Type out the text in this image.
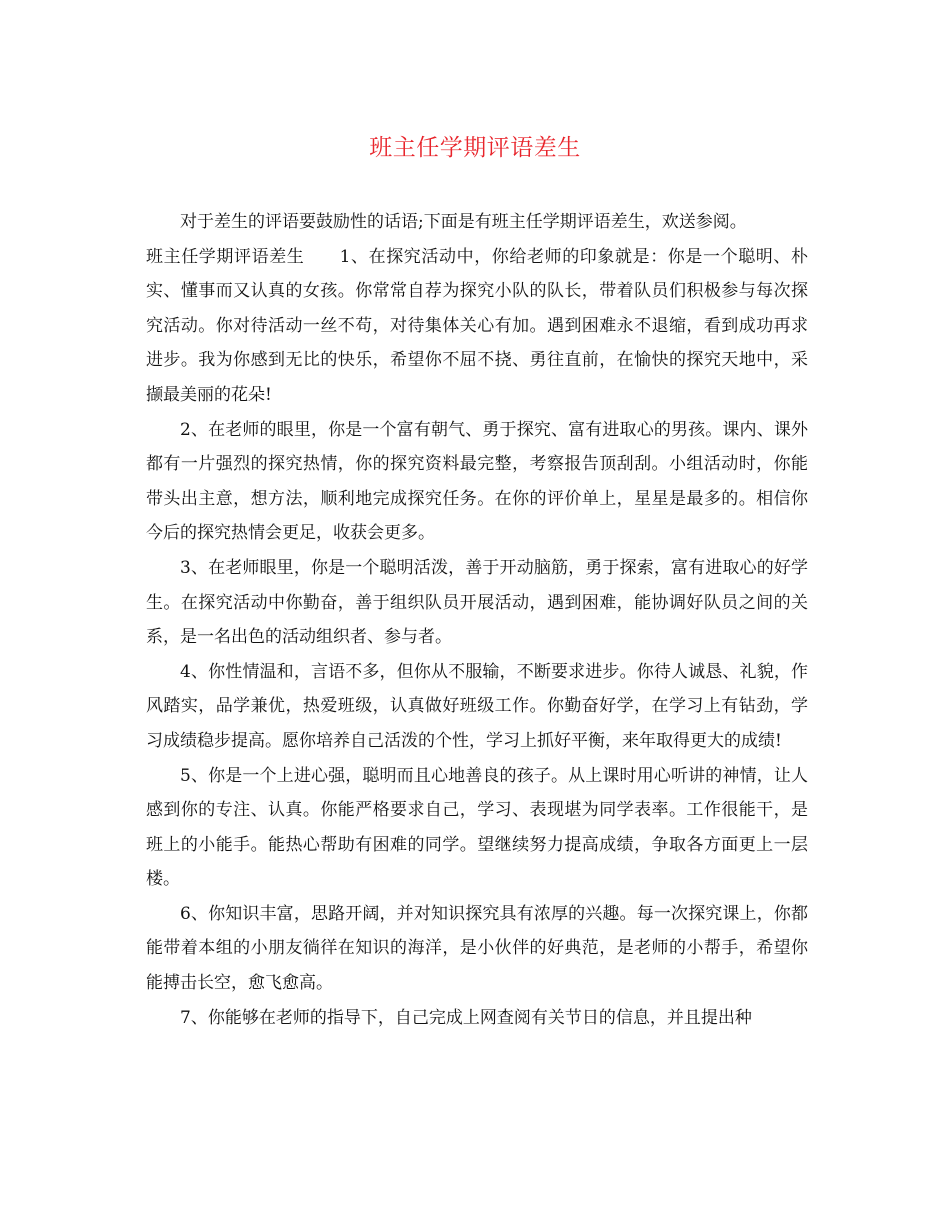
班主任学期评语差生

对于差生的评语要鼓励性的话语;下面是有班主任学期评语差生，欢送参阅。

班主任学期评语差生　　1、在探究活动中，你给老师的印象就是：你是一个聪明、朴实、懂事而又认真的女孩。你常常自荐为探究小队的队长，带着队员们积极参与每次探究活动。你对待活动一丝不苟，对待集体关心有加。遇到困难永不退缩，看到成功再求进步。我为你感到无比的快乐，希望你不屈不挠、勇往直前，在愉快的探究天地中，采撷最美丽的花朵!

2、在老师的眼里，你是一个富有朝气、勇于探究、富有进取心的男孩。课内、课外都有一片强烈的探究热情，你的探究资料最完整，考察报告顶刮刮。小组活动时，你能带头出主意，想方法，顺利地完成探究任务。在你的评价单上，星星是最多的。相信你今后的探究热情会更足，收获会更多。

3、在老师眼里，你是一个聪明活泼，善于开动脑筋，勇于探索，富有进取心的好学生。在探究活动中你勤奋，善于组织队员开展活动，遇到困难，能协调好队员之间的关系，是一名出色的活动组织者、参与者。

4、你性情温和，言语不多，但你从不服输，不断要求进步。你待人诚恳、礼貌，作风踏实，品学兼优，热爱班级，认真做好班级工作。你勤奋好学，在学习上有钻劲，学习成绩稳步提高。愿你培养自己活泼的个性，学习上抓好平衡，来年取得更大的成绩!

5、你是一个上进心强，聪明而且心地善良的孩子。从上课时用心听讲的神情，让人感到你的专注、认真。你能严格要求自己，学习、表现堪为同学表率。工作很能干，是班上的小能手。能热心帮助有困难的同学。望继续努力提高成绩，争取各方面更上一层楼。

6、你知识丰富，思路开阔，并对知识探究具有浓厚的兴趣。每一次探究课上，你都能带着本组的小朋友徜徉在知识的海洋，是小伙伴的好典范，是老师的小帮手，希望你能搏击长空，愈飞愈高。

7、你能够在老师的指导下，自己完成上网查阅有关节日的信息，并且提出种
